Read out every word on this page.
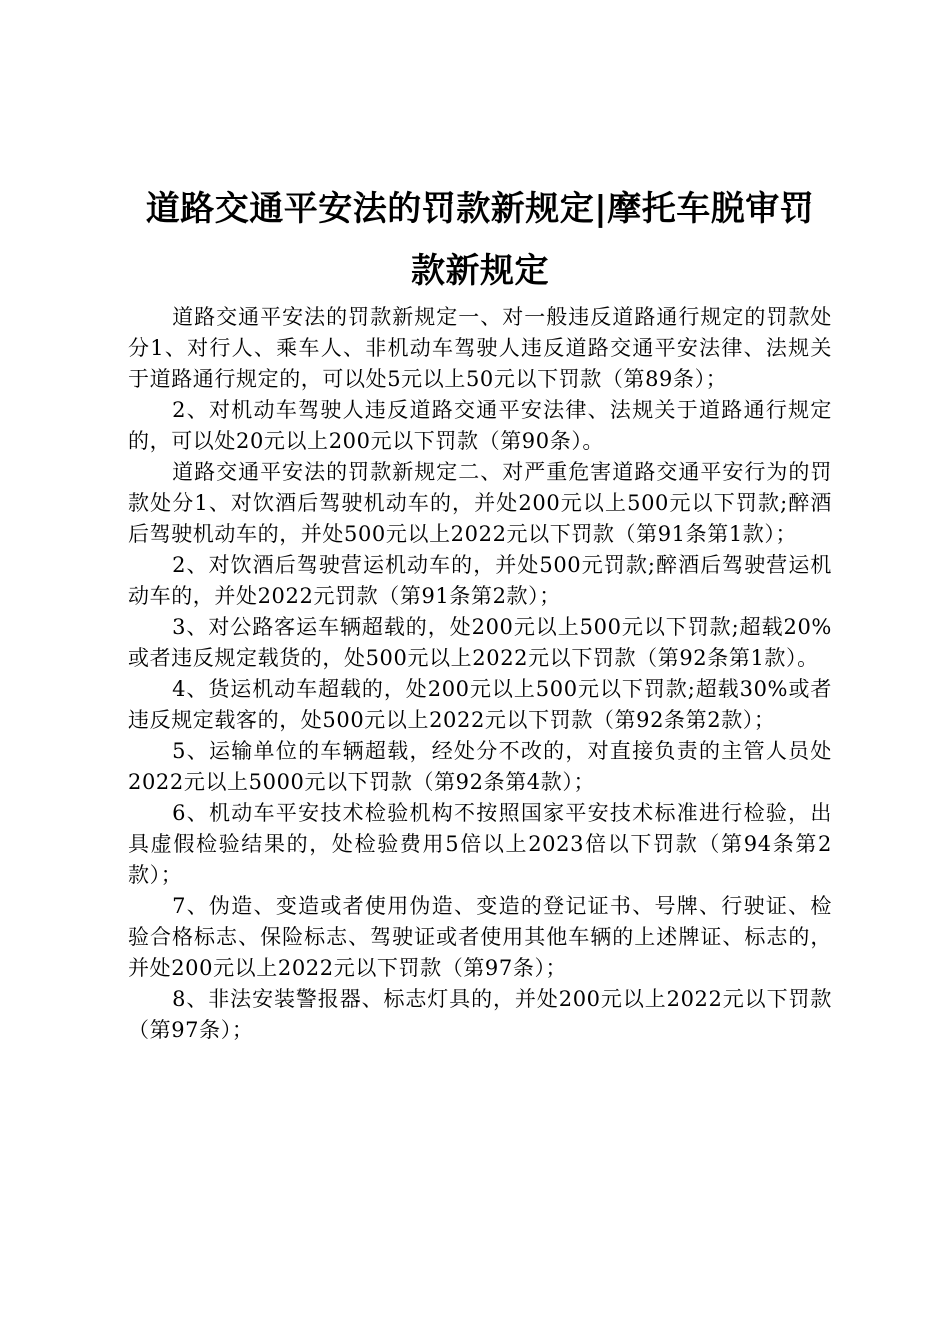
道路交通平安法的罚款新规定|摩托车脱审罚
款新规定

道路交通平安法的罚款新规定一、对一般违反道路通行规定的罚款处分1、对行人、乘车人、非机动车驾驶人违反道路交通平安法律、法规关于道路通行规定的，可以处5元以上50元以下罚款（第89条）；

2、对机动车驾驶人违反道路交通平安法律、法规关于道路通行规定的，可以处20元以上200元以下罚款（第90条）。

道路交通平安法的罚款新规定二、对严重危害道路交通平安行为的罚款处分1、对饮酒后驾驶机动车的，并处200元以上500元以下罚款;醉酒后驾驶机动车的，并处500元以上2022元以下罚款（第91条第1款）；

2、对饮酒后驾驶营运机动车的，并处500元罚款;醉酒后驾驶营运机动车的，并处2022元罚款（第91条第2款）；

3、对公路客运车辆超载的，处200元以上500元以下罚款;超载20%或者违反规定载货的，处500元以上2022元以下罚款（第92条第1款）。

4、货运机动车超载的，处200元以上500元以下罚款;超载30%或者违反规定载客的，处500元以上2022元以下罚款（第92条第2款）；

5、运输单位的车辆超载，经处分不改的，对直接负责的主管人员处2022元以上5000元以下罚款（第92条第4款）；

6、机动车平安技术检验机构不按照国家平安技术标准进行检验，出具虚假检验结果的，处检验费用5倍以上2023倍以下罚款（第94条第2款）；

7、伪造、变造或者使用伪造、变造的登记证书、号牌、行驶证、检验合格标志、保险标志、驾驶证或者使用其他车辆的上述牌证、标志的，并处200元以上2022元以下罚款（第97条）；

8、非法安装警报器、标志灯具的，并处200元以上2022元以下罚款（第97条）；
